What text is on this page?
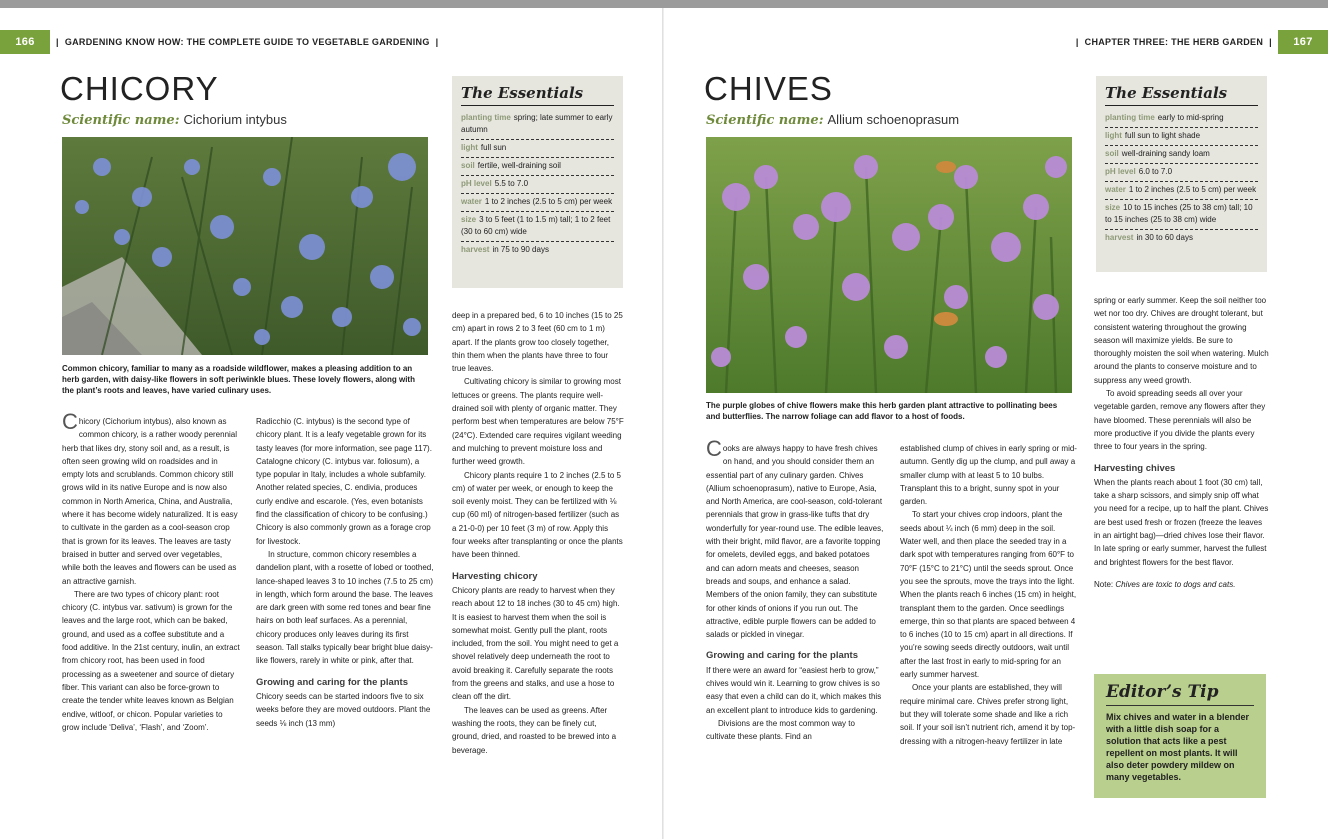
166	| GARDENING KNOW HOW: THE COMPLETE GUIDE TO VEGETABLE GARDENING |	| CHAPTER THREE: THE HERB GARDEN |	167
CHICORY
Scientific name: Cichorium intybus
Common chicory, familiar to many as a roadside wildflower, makes a pleasing addition to an herb garden, with daisy-like flowers in soft periwinkle blues. These lovely flowers, along with the plant’s roots and leaves, have varied culinary uses.

Chicory (Cichorium intybus), also known as common chicory, is a rather woody perennial herb that likes dry, stony soil and, as a result, is often seen growing wild on roadsides and in empty lots and scrublands. Common chicory still grows wild in its native Europe and is now also common in North America, China, and Australia, where it has become widely naturalized. It is easy to cultivate in the garden as a cool-season crop that is grown for its leaves. The leaves are tasty braised in butter and served over vegetables, while both the leaves and flowers can be used as an attractive garnish.

There are two types of chicory plant: root chicory (C. intybus var. sativum) is grown for the leaves and the large root, which can be baked, ground, and used as a coffee substitute and a food additive. In the 21st century, inulin, an extract from chicory root, has been used in food processing as a sweetener and source of dietary fiber. This variant can also be force-grown to create the tender white leaves known as Belgian endive, witloof, or chicon. Popular varieties to grow include ‘Deliva’, ‘Flash’, and ‘Zoom’.

Radicchio (C. intybus) is the second type of chicory plant. It is a leafy vegetable grown for its tasty leaves (for more information, see page 117). Catalogne chicory (C. intybus var. foliosum), a type popular in Italy, includes a whole subfamily. Another related species, C. endivia, produces curly endive and escarole. (Yes, even botanists find the classification of chicory to be confusing.) Chicory is also commonly grown as a forage crop for livestock.

In structure, common chicory resembles a dandelion plant, with a rosette of lobed or toothed, lance-shaped leaves 3 to 10 inches (7.5 to 25 cm) in length, which form around the base. The leaves are dark green with some red tones and bear fine hairs on both leaf surfaces. As a perennial, chicory produces only leaves during its first season. Tall stalks typically bear bright blue daisy-like flowers, rarely in white or pink, after that.

Growing and caring for the plants

Chicory seeds can be started indoors five to six weeks before they are moved outdoors. Plant the seeds ⅛ inch (13 mm)

The Essentials
planting time spring; late summer to early autumn
light full sun
soil fertile, well-draining soil
pH level 5.5 to 7.0
water 1 to 2 inches (2.5 to 5 cm) per week
size 3 to 5 feet (1 to 1.5 m) tall; 1 to 2 feet (30 to 60 cm) wide
harvest in 75 to 90 days

deep in a prepared bed, 6 to 10 inches (15 to 25 cm) apart in rows 2 to 3 feet (60 cm to 1 m) apart. If the plants grow too closely together, thin them when the plants have three to four true leaves.

Cultivating chicory is similar to growing most lettuces or greens. The plants require well-drained soil with plenty of organic matter. They perform best when temperatures are below 75°F (24°C). Extended care requires vigilant weeding and mulching to prevent moisture loss and further weed growth.

Chicory plants require 1 to 2 inches (2.5 to 5 cm) of water per week, or enough to keep the soil evenly moist. They can be fertilized with ⅛ cup (60 ml) of nitrogen-based fertilizer (such as a 21-0-0) per 10 feet (3 m) of row. Apply this four weeks after transplanting or once the plants have been thinned.

Harvesting chicory

Chicory plants are ready to harvest when they reach about 12 to 18 inches (30 to 45 cm) high. It is easiest to harvest them when the soil is somewhat moist. Gently pull the plant, roots included, from the soil. You might need to get a shovel relatively deep underneath the root to avoid breaking it. Carefully separate the roots from the greens and stalks, and use a hose to clean off the dirt.

The leaves can be used as greens. After washing the roots, they can be finely cut, ground, dried, and roasted to be brewed into a beverage.

CHIVES
Scientific name: Allium schoenoprasum
The purple globes of chive flowers make this herb garden plant attractive to pollinating bees and butterflies. The narrow foliage can add flavor to a host of foods.

Cooks are always happy to have fresh chives on hand, and you should consider them an essential part of any culinary garden. Chives (Allium schoenoprasum), native to Europe, Asia, and North America, are cool-season, cold-tolerant perennials that grow in grass-like tufts that dry wonderfully for year-round use. The edible leaves, with their bright, mild flavor, are a favorite topping for omelets, deviled eggs, and baked potatoes and can adorn meats and cheeses, season breads and soups, and enhance a salad. Members of the onion family, they can substitute for other kinds of onions if you run out. The attractive, edible purple flowers can be added to salads or pickled in vinegar.

Growing and caring for the plants

If there were an award for “easiest herb to grow,” chives would win it. Learning to grow chives is so easy that even a child can do it, which makes this an excellent plant to introduce kids to gardening.

Divisions are the most common way to cultivate these plants. Find an

established clump of chives in early spring or mid-autumn. Gently dig up the clump, and pull away a smaller clump with at least 5 to 10 bulbs. Transplant this to a bright, sunny spot in your garden.

To start your chives crop indoors, plant the seeds about ¼ inch (6 mm) deep in the soil. Water well, and then place the seeded tray in a dark spot with temperatures ranging from 60°F to 70°F (15°C to 21°C) until the seeds sprout. Once you see the sprouts, move the trays into the light. When the plants reach 6 inches (15 cm) in height, transplant them to the garden. Once seedlings emerge, thin so that plants are spaced between 4 to 6 inches (10 to 15 cm) apart in all directions. If you’re sowing seeds directly outdoors, wait until after the last frost in early to mid-spring for an early summer harvest.

Once your plants are established, they will require minimal care. Chives prefer strong light, but they will tolerate some shade and like a rich soil. If your soil isn’t nutrient rich, amend it by top-dressing with a nitrogen-heavy fertilizer in late

The Essentials
planting time early to mid-spring
light full sun to light shade
soil well-draining sandy loam
pH level 6.0 to 7.0
water 1 to 2 inches (2.5 to 5 cm) per week
size 10 to 15 inches (25 to 38 cm) tall; 10 to 15 inches (25 to 38 cm) wide
harvest in 30 to 60 days

spring or early summer. Keep the soil neither too wet nor too dry. Chives are drought tolerant, but consistent watering throughout the growing season will maximize yields. Be sure to thoroughly moisten the soil when watering. Mulch around the plants to conserve moisture and to suppress any weed growth.

To avoid spreading seeds all over your vegetable garden, remove any flowers after they have bloomed. These perennials will also be more productive if you divide the plants every three to four years in the spring.

Harvesting chives

When the plants reach about 1 foot (30 cm) tall, take a sharp scissors, and simply snip off what you need for a recipe, up to half the plant. Chives are best used fresh or frozen (freeze the leaves in an airtight bag)—dried chives lose their flavor. In late spring or early summer, harvest the fullest and brightest flowers for the best flavor.

Note: Chives are toxic to dogs and cats.

Editor’s Tip
Mix chives and water in a blender with a little dish soap for a solution that acts like a pest repellent on most plants. It will also deter powdery mildew on many vegetables.
